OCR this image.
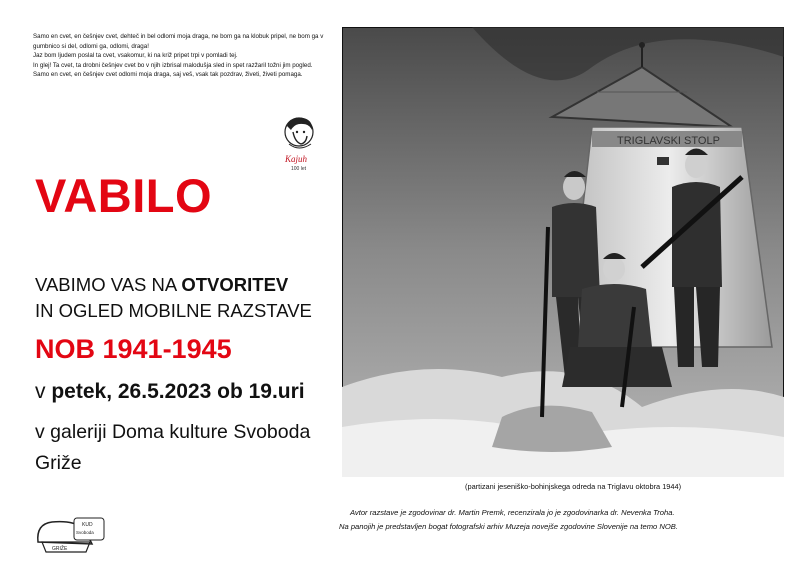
Samo en cvet, en češnjev cvet, dehteč in bel odlomi moja draga, ne bom ga na klobuk pripel, ne bom ga v gumbnico si del, odlomi ga, odlomi, draga!

Jaz bom ljudem poslal ta cvet, vsakomur, ki na križ pripet trpi v pomladi tej.

In glej! Ta cvet, ta drobni češnjev cvet bo v njih izbrisal malodušja sled in spet razžaril tožni jim pogled.

Samo en cvet, en češnjev cvet odlomi moja draga, saj veš, vsak tak pozdrav, živeti, živeti pomaga.

Kajuh
100 let
VABILO
VABIMO VAS NA OTVORITEV
IN OGLED MOBILNE RAZSTAVE
NOB 1941-1945
v petek, 26.5.2023 ob 19.uri
v galeriji Doma kulture Svoboda
Griže
TRIGLAVSKI STOLP
(partizani jeseniško-bohinjskega odreda na Triglavu oktobra 1944)
Avtor razstave je zgodovinar dr. Martin Premk, recenzirala jo je zgodovinarka dr. Nevenka Troha.
Na panojih je predstavljen bogat fotografski arhiv Muzeja novejše zgodovine Slovenije na temo NOB.
KUD
Svoboda
GRIŽE
